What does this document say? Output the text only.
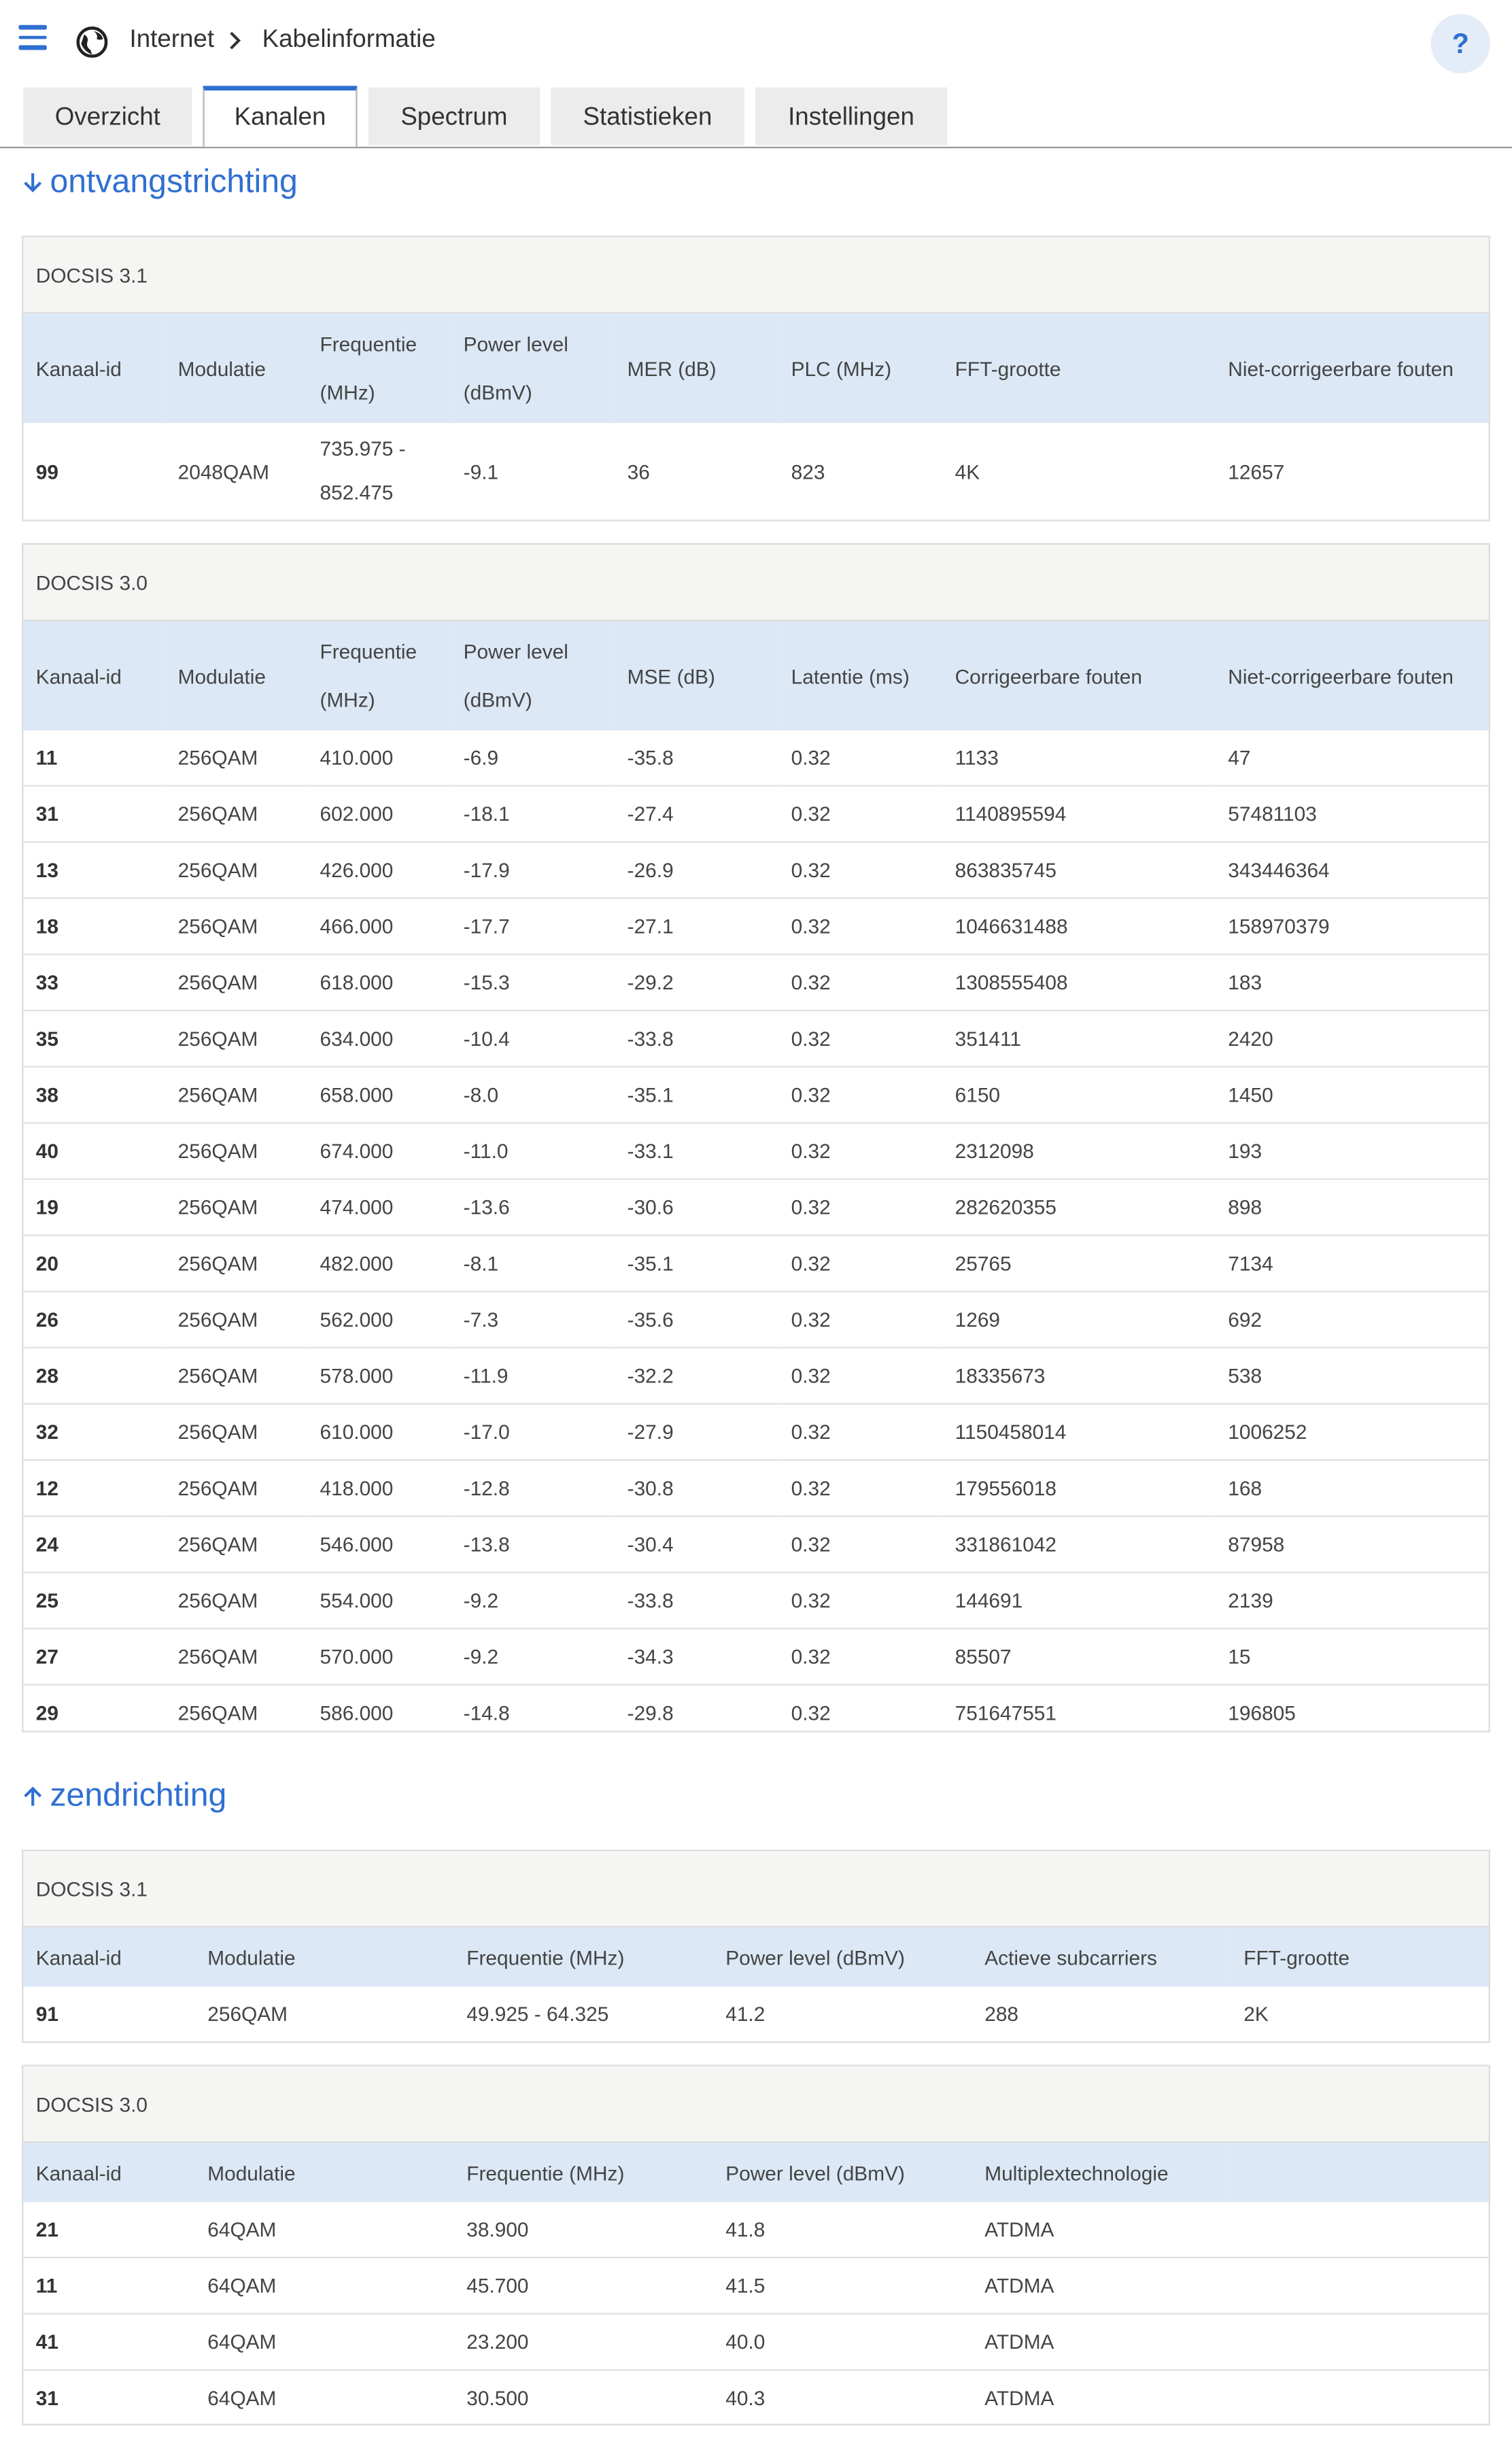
Internet	Kabelinformatie	?
Overzicht	Kanalen	Spectrum	Statistieken	Instellingen
ontvangstrichting
DOCSIS 3.1
Kanaal-id	Modulatie	Frequentie (MHz)	Power level (dBmV)	MER (dB)	PLC (MHz)	FFT-grootte	Niet-corrigeerbare fouten
99	2048QAM	735.975 - 852.475	-9.1	36	823	4K	12657
DOCSIS 3.0
Kanaal-id	Modulatie	Frequentie (MHz)	Power level (dBmV)	MSE (dB)	Latentie (ms)	Corrigeerbare fouten	Niet-corrigeerbare fouten
11	256QAM	410.000	-6.9	-35.8	0.32	1133	47
31	256QAM	602.000	-18.1	-27.4	0.32	1140895594	57481103
13	256QAM	426.000	-17.9	-26.9	0.32	863835745	343446364
18	256QAM	466.000	-17.7	-27.1	0.32	1046631488	158970379
33	256QAM	618.000	-15.3	-29.2	0.32	1308555408	183
35	256QAM	634.000	-10.4	-33.8	0.32	351411	2420
38	256QAM	658.000	-8.0	-35.1	0.32	6150	1450
40	256QAM	674.000	-11.0	-33.1	0.32	2312098	193
19	256QAM	474.000	-13.6	-30.6	0.32	282620355	898
20	256QAM	482.000	-8.1	-35.1	0.32	25765	7134
26	256QAM	562.000	-7.3	-35.6	0.32	1269	692
28	256QAM	578.000	-11.9	-32.2	0.32	18335673	538
32	256QAM	610.000	-17.0	-27.9	0.32	1150458014	1006252
12	256QAM	418.000	-12.8	-30.8	0.32	179556018	168
24	256QAM	546.000	-13.8	-30.4	0.32	331861042	87958
25	256QAM	554.000	-9.2	-33.8	0.32	144691	2139
27	256QAM	570.000	-9.2	-34.3	0.32	85507	15
29	256QAM	586.000	-14.8	-29.8	0.32	751647551	196805
zendrichting
DOCSIS 3.1
Kanaal-id	Modulatie	Frequentie (MHz)	Power level (dBmV)	Actieve subcarriers	FFT-grootte
91	256QAM	49.925 - 64.325	41.2	288	2K
DOCSIS 3.0
Kanaal-id	Modulatie	Frequentie (MHz)	Power level (dBmV)	Multiplextechnologie	
21	64QAM	38.900	41.8	ATDMA	
11	64QAM	45.700	41.5	ATDMA	
41	64QAM	23.200	40.0	ATDMA	
31	64QAM	30.500	40.3	ATDMA	
